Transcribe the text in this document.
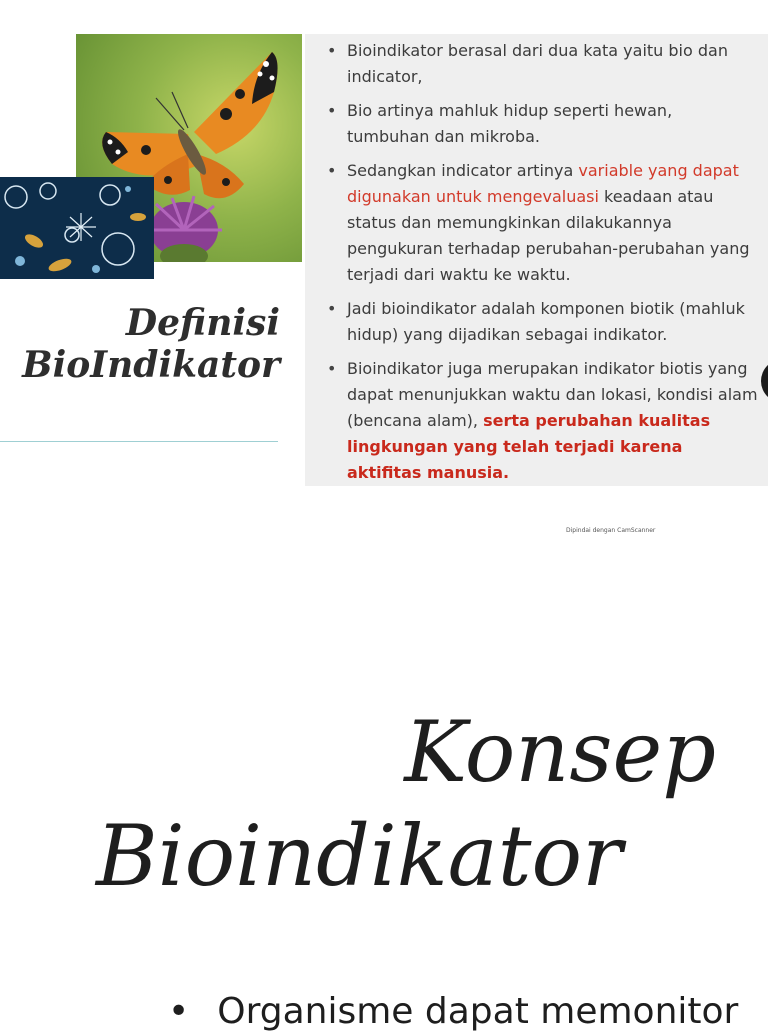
Definisi
BioIndikator
• Bioindikator berasal dari dua kata yaitu bio dan indicator,
• Bio artinya mahluk hidup seperti hewan, tumbuhan dan mikroba.
• Sedangkan indicator artinya variable yang dapat digunakan untuk mengevaluasi keadaan atau status dan memungkinkan dilakukannya pengukuran terhadap perubahan-perubahan yang terjadi dari waktu ke waktu.
• Jadi bioindikator adalah komponen biotik (mahluk hidup) yang dijadikan sebagai indikator.
• Bioindikator juga merupakan indikator biotis yang dapat menunjukkan waktu dan lokasi, kondisi alam (bencana alam), serta perubahan kualitas lingkungan yang telah terjadi karena aktifitas manusia.
Dipindai dengan CamScanner
Konsep
Bioindikator
• Organisme dapat memonitor
